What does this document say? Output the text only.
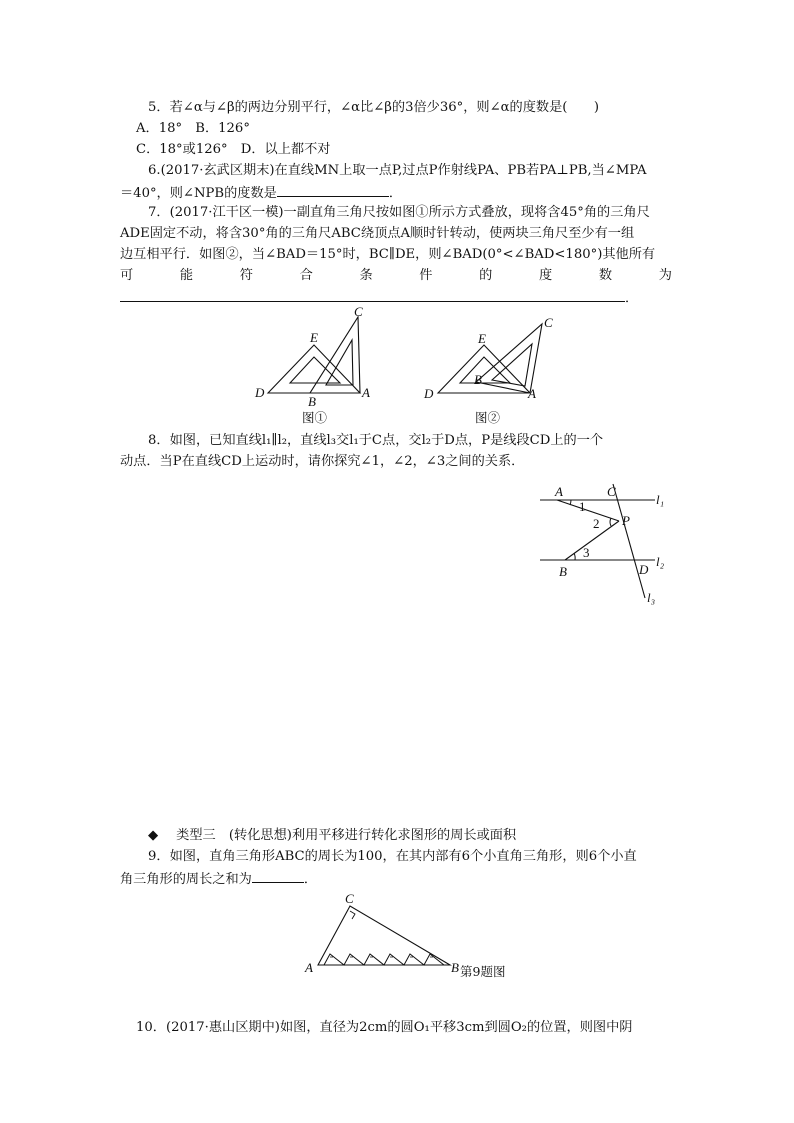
5．若∠α与∠β的两边分别平行，∠α比∠β的3倍少36°，则∠α的度数是(　　)
A．18°　B．126°
C．18°或126°　D．以上都不对
6.(2017·玄武区期末)在直线MN上取一点P,过点P作射线PA、PB若PA⊥PB,当∠MPA
＝40°，则∠NPB的度数是	．
7．(2017·江干区一模)一副直角三角尺按如图①所示方式叠放，现将含45°角的三角尺
ADE固定不动，将含30°角的三角尺ABC绕顶点A顺时针转动，使两块三角尺至少有一组
边互相平行．如图②，当∠BAD＝15°时，BC∥DE，则∠BAD(0°<∠BAD<180°)其他所有
可	能	符	合	条	件	的	度	数	为
．
C
E
D	A
B
图①
C
E
D	A
B
图②
8．如图，已知直线l₁∥l₂，直线l₃交l₁于C点，交l₂于D点，P是线段CD上的一个
动点．当P在直线CD上运动时，请你探究∠1，∠2，∠3之间的关系．
A	C
l₁
1
2 P
3
l₂
B	D
l₃
◆ 类型三　(转化思想)利用平移进行转化求图形的周长或面积
9．如图，直角三角形ABC的周长为100，在其内部有6个小直角三角形，则6个小直
角三角形的周长之和为	．
C
A	B 第9题图
10．(2017·惠山区期中)如图，直径为2cm的圆O₁平移3cm到圆O₂的位置，则图中阴
